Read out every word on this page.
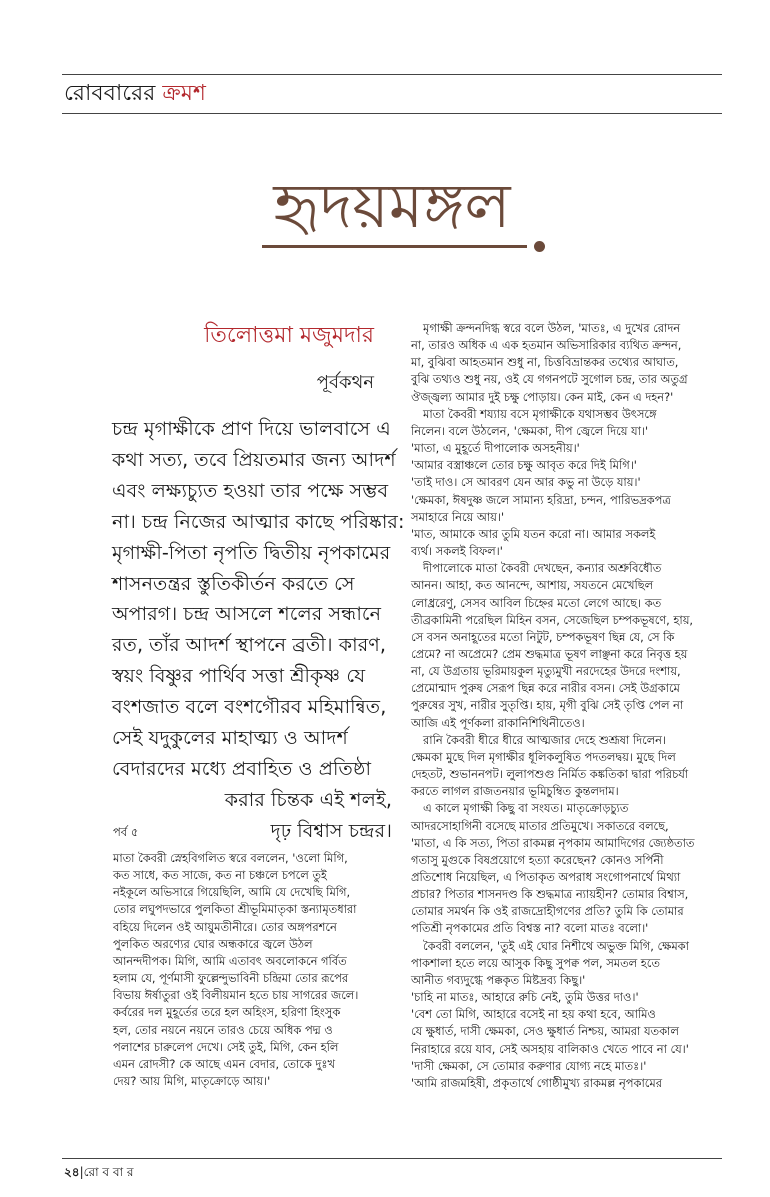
রোববারের ক্রমশ
হৃদয়মঙ্গল
তিলোত্তমা মজুমদার
পূর্বকথন

চন্দ্র মৃগাক্ষীকে প্রাণ দিয়ে ভালবাসে এ

কথা সত্য, তবে প্রিয়তমার জন্য আদর্শ

এবং লক্ষ্যচ্যুত হওয়া তার পক্ষে সম্ভব

না। চন্দ্র নিজের আত্মার কাছে পরিষ্কার:

মৃগাক্ষী-পিতা নৃপতি দ্বিতীয় নৃপকামের

শাসনতন্ত্রর স্তুতিকীর্তন করতে সে

অপারগ। চন্দ্র আসলে শলের সন্ধানে

রত, তাঁর আদর্শ স্থাপনে ব্রতী। কারণ,

স্বয়ং বিষ্ণুর পার্থিব সত্তা শ্রীকৃষ্ণ যে

বংশজাত বলে বংশগৌরব মহিমান্বিত,

সেই যদুকুলের মাহাত্ম্য ও আদর্শ

বেদারদের মধ্যে প্রবাহিত ও প্রতিষ্ঠা

করার চিন্তক এই শলই,

দৃঢ় বিশ্বাস চন্দ্রর।

পর্ব ৫

মাতা কৈবরী স্নেহবিগলিত স্বরে বললেন, 'ওলো মিগি,

কত সাধে, কত সাজে, কত না চঞ্চলে চপলে তুই

নইকূলে অভিসারে গিয়েছিলি, আমি যে দেখেছি মিগি,

তোর লঘুপদভারে পুলকিতা শ্রীভূমিমাতৃকা স্তন্যামৃতধারা

বহিয়ে দিলেন ওই আয়ুমতীনীরে। তোর অঙ্গপরশনে

পুলকিত অরণ্যের ঘোর অন্ধকারে জ্বলে উঠল

আনন্দদীপক। মিগি, আমি এতাবৎ অবলোকনে গর্বিত

হলাম যে, পূর্ণমাসী ফুল্লেন্দুভাবিনী চন্দ্রিমা তোর রূপের

বিভায় ঈর্ষাতুরা ওই বিলীয়মান হতে চায় সাগরের জলে।

কর্বরের দল মুহূর্তের তরে হল অহিংস, হরিণা হিংসুক

হল, তোর নয়নে নয়নে তারও চেয়ে অধিক পদ্ম ও

পলাশের চারুলেপ দেখে। সেই তুই, মিগি, কেন হলি

এমন রোদসী? কে আছে এমন বেদার, তোকে দুঃখ

দেয়? আয় মিগি, মাতৃক্রোড়ে আয়।'

মৃগাক্ষী ক্রন্দনদিগ্ধ স্বরে বলে উঠল, 'মাতঃ, এ দুখের রোদন

না, তারও অধিক এ এক হতমান অভিসারিকার ব্যথিত ক্রন্দন,

মা, বুঝিবা আহতমান শুধু না, চিত্তবিভ্রান্তকর তথ্যের আঘাত,

বুঝি তথ্যও শুধু নয়, ওই যে গগনপটে সুগোল চন্দ্র, তার অতুগ্র

ঔজ্জ্বল্য আমার দুই চক্ষু পোড়ায়। কেন মাই, কেন এ দহন?'

মাতা কৈবরী শয্যায় বসে মৃগাক্ষীকে যথাসম্ভব উৎসঙ্গে

নিলেন। বলে উঠলেন, 'ক্ষেমকা, দীপ জ্বেলে দিয়ে যা।'

'মাতা, এ মুহূর্তে দীপালোক অসহনীয়।'

'আমার বস্ত্রাঞ্চলে তোর চক্ষু আবৃত করে দিই মিগি।'

'তাই দাও। সে আবরণ যেন আর কভু না উড়ে যায়।'

'ক্ষেমকা, ঈষদুষ্ণ জলে সামান্য হরিদ্রা, চন্দন, পারিভদ্রকপত্র

সমাহারে নিয়ে আয়।'

'মাত, আমাকে আর তুমি যতন করো না। আমার সকলই

ব্যর্থ। সকলই বিফল।'

দীপালোকে মাতা কৈবরী দেখছেন, কন্যার অশ্রুবিধৌত

আনন। আহা, কত আনন্দে, আশায়, সযতনে মেখেছিল

লোধ্ররেণু, সেসব আবিল চিহ্নের মতো লেগে আছে। কত

তীব্রকামিনী পরেছিল মিহিন বসন, সেজেছিল চম্পকভূষণে, হায়,

সে বসন অনাহূতের মতো নিটুট, চম্পকভূষণ ছিন্ন যে, সে কি

প্রেমে? না অপ্রেমে? প্রেম শুদ্ধমাত্র ভূষণ লাঞ্ছনা করে নিবৃত্ত হয়

না, যে উগ্রতায় ভূরিমায়কুল মৃত্যুমুখী নরদেহের উদরে দংশায়,

প্রেমোন্মাদ পুরুষ সেরূপ ছিন্ন করে নারীর বসন। সেই উগ্রকামে

পুরুষের সুখ, নারীর সুতৃপ্তি। হায়, মৃগী বুঝি সেই তৃপ্তি পেল না

আজি এই পূর্ণকলা রাকানিশিথিনীতেও।

রানি কৈবরী ধীরে ধীরে আত্মজার দেহে শুশ্রূষা দিলেন।

ক্ষেমকা মুছে দিল মৃগাক্ষীর ধূলিকলুষিত পদতলদ্বয়। মুছে দিল

দেহতট, শুভাননপট। লুলাপশুগু নির্মিত কঙ্কতিকা দ্বারা পরিচর্যা

করতে লাগল রাজতনয়ার ভূমিচুম্বিত কুন্তলদাম।

এ কালে মৃগাক্ষী কিছু বা সংযত। মাতৃক্রোড়চ্যুত

আদরসোহাগিনী বসেছে মাতার প্রতিমুখে। সকাতরে বলছে,

'মাতা, এ কি সত্য, পিতা রাকমল্ল নৃপকাম আমাদিগের জ্যেষ্ঠতাত

গতাসু মুগুকে বিষপ্রয়োগে হত্যা করেছেন? কোনও সর্পিনী

প্রতিশোধ নিয়েছিল, এ পিতাকৃত অপরাধ সংগোপনার্থে মিথ্যা

প্রচার? পিতার শাসনদণ্ড কি শুদ্ধমাত্র ন্যায়হীন? তোমার বিশ্বাস,

তোমার সমর্থন কি ওই রাজদ্রোহীগণের প্রতি? তুমি কি তোমার

পতিশ্রী নৃপকামের প্রতি বিশ্বস্ত না? বলো মাতঃ বলো।'

কৈবরী বললেন, 'তুই এই ঘোর নিশীথে অভুক্ত মিগি, ক্ষেমকা

পাকশালা হতে লয়ে আসুক কিছু সুপক্ব পল, সমতল হতে

আনীত গব্যদুগ্ধে পক্ককৃত মিষ্টদ্রব্য কিছু।'

'চাহি না মাতঃ, আহারে রুচি নেই, তুমি উত্তর দাও।'

'বেশ তো মিগি, আহারে বসেই না হয় কথা হবে, আমিও

যে ক্ষুধার্ত, দাসী ক্ষেমকা, সেও ক্ষুধার্ত নিশ্চয়, আমরা যতকাল

নিরাহারে রয়ে যাব, সেই অসহায় বালিকাও খেতে পাবে না যে।'

'দাসী ক্ষেমকা, সে তোমার করুণার যোগ্য নহে মাতঃ।'

'আমি রাজমহিষী, প্রকৃতার্থে গোষ্ঠীমুখ্য রাকমল্ল নৃপকামের

২৪|রো ব বা র
